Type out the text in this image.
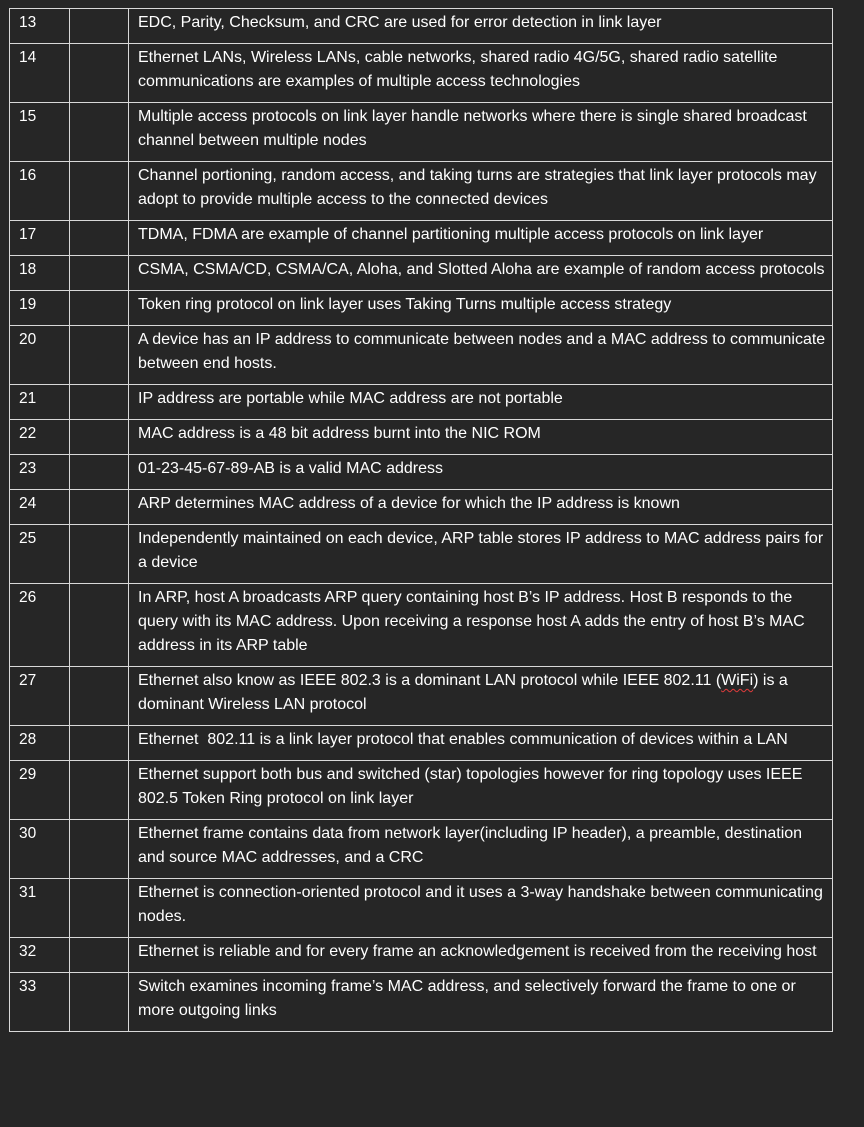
13		EDC, Parity, Checksum, and CRC are used for error detection in link layer
14		Ethernet LANs, Wireless LANs, cable networks, shared radio 4G/5G, shared radio satellite communications are examples of multiple access technologies
15		Multiple access protocols on link layer handle networks where there is single shared broadcast channel between multiple nodes
16		Channel portioning, random access, and taking turns are strategies that link layer protocols may adopt to provide multiple access to the connected devices
17		TDMA, FDMA are example of channel partitioning multiple access protocols on link layer
18		CSMA, CSMA/CD, CSMA/CA, Aloha, and Slotted Aloha are example of random access protocols
19		Token ring protocol on link layer uses Taking Turns multiple access strategy
20		A device has an IP address to communicate between nodes and a MAC address to communicate between end hosts.
21		IP address are portable while MAC address are not portable
22		MAC address is a 48 bit address burnt into the NIC ROM
23		01-23-45-67-89-AB is a valid MAC address
24		ARP determines MAC address of a device for which the IP address is known
25		Independently maintained on each device, ARP table stores IP address to MAC address pairs for a device
26		In ARP, host A broadcasts ARP query containing host B’s IP address. Host B responds to the query with its MAC address. Upon receiving a response host A adds the entry of host B’s MAC address in its ARP table
27		Ethernet also know as IEEE 802.3 is a dominant LAN protocol while IEEE 802.11 (WiFi) is a dominant Wireless LAN protocol
28		Ethernet  802.11 is a link layer protocol that enables communication of devices within a LAN
29		Ethernet support both bus and switched (star) topologies however for ring topology uses IEEE 802.5 Token Ring protocol on link layer
30		Ethernet frame contains data from network layer(including IP header), a preamble, destination and source MAC addresses, and a CRC
31		Ethernet is connection-oriented protocol and it uses a 3-way handshake between communicating nodes.
32		Ethernet is reliable and for every frame an acknowledgement is received from the receiving host
33		Switch examines incoming frame’s MAC address, and selectively forward the frame to one or more outgoing links
